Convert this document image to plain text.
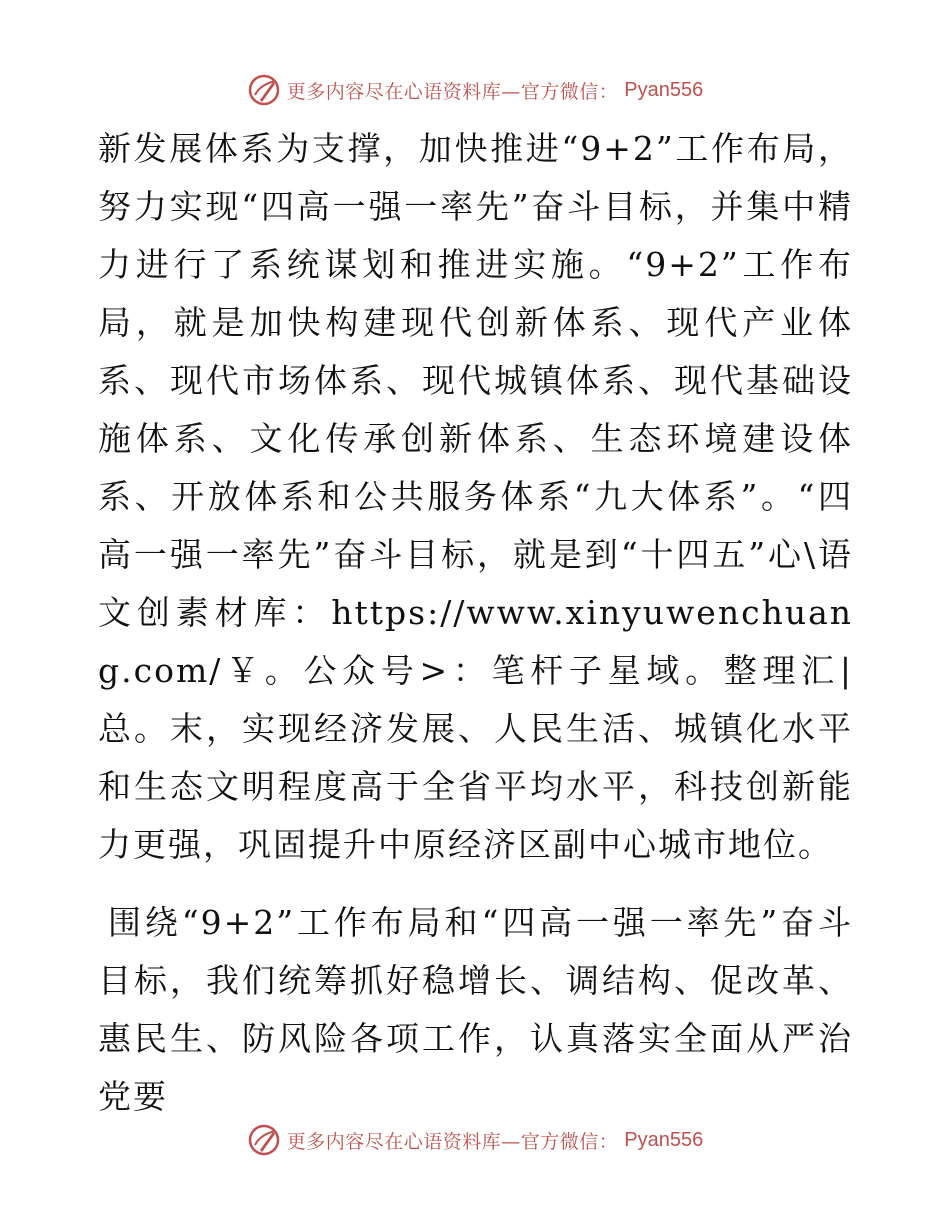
更多内容尽在心语资料库—官方微信： Pyan556

新发展体系为支撑，加快推进“9+2”工作布局，努力实现“四高一强一率先”奋斗目标，并集中精力进行了系统谋划和推进实施。“9+2”工作布局，就是加快构建现代创新体系、现代产业体系、现代市场体系、现代城镇体系、现代基础设施体系、文化传承创新体系、生态环境建设体系、开放体系和公共服务体系“九大体系”。“四高一强一率先”奋斗目标，就是到“十四五”心\语文创素材库：https://www.xinyuwenchuang.com/￥。公众号>：笔杆子星域。整理汇|总。末，实现经济发展、人民生活、城镇化水平和生态文明程度高于全省平均水平，科技创新能力更强，巩固提升中原经济区副中心城市地位。

围绕“9+2”工作布局和“四高一强一率先”奋斗目标，我们统筹抓好稳增长、调结构、促改革、惠民生、防风险各项工作，认真落实全面从严治党要

更多内容尽在心语资料库—官方微信： Pyan556
